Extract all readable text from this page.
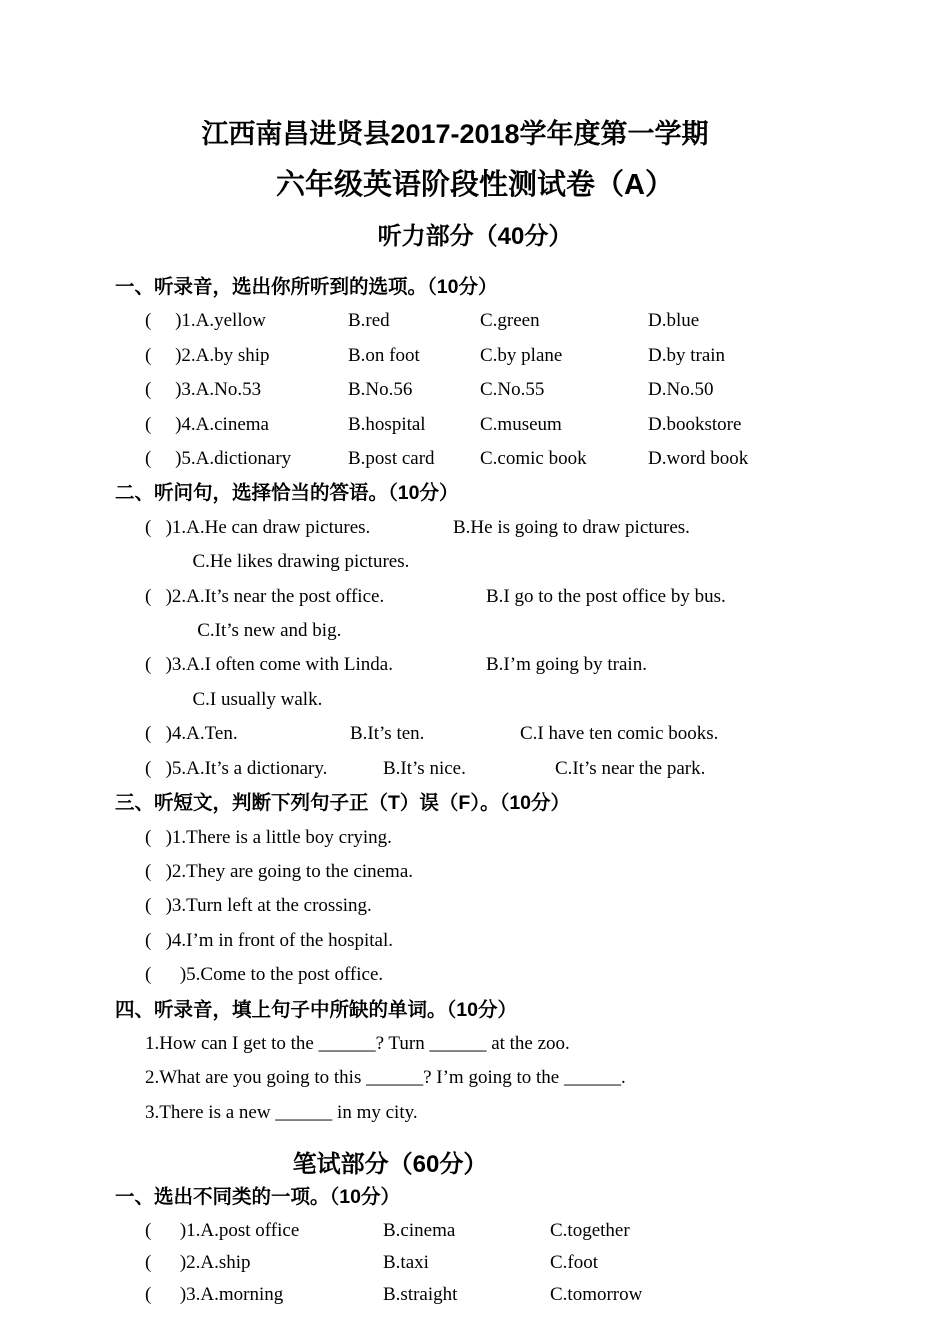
江西南昌进贤县2017-2018学年度第一学期
六年级英语阶段性测试卷（A）
听力部分（40分）
一、听录音，选出你所听到的选项。（10分）
(     )1.A.yellow	B.red	C.green	D.blue
(     )2.A.by ship	B.on foot	C.by plane	D.by train
(     )3.A.No.53	B.No.56	C.No.55	D.No.50
(     )4.A.cinema	B.hospital	C.museum	D.bookstore
(     )5.A.dictionary	B.post card C.comic book	D.word book
二、听问句，选择恰当的答语。（10分）
(   )1.A.He can draw pictures.	B.He is going to draw pictures.
C.He likes drawing pictures.
(   )2.A.It’s near the post office.	B.I go to the post office by bus.
C.It’s new and big.
(   )3.A.I often come with Linda.	B.I’m going by train.
C.I usually walk.
(   )4.A.Ten.	B.It’s ten.	C.I have ten comic books.
(   )5.A.It’s a dictionary.	B.It’s nice.	C.It’s near the park.
三、听短文，判断下列句子正（T）误（F）。（10分）
(   )1.There is a little boy crying.
(   )2.They are going to the cinema.
(   )3.Turn left at the crossing.
(   )4.I’m in front of the hospital.
(      )5.Come to the post office.
四、听录音，填上句子中所缺的单词。（10分）
1.How can I get to the ______? Turn ______ at the zoo.
2.What are you going to this ______? I’m going to the ______.
3.There is a new ______ in my city.
笔试部分（60分）
一、选出不同类的一项。（10分）
(      )1.A.post office	B.cinema	C.together
(      )2.A.ship	B.taxi	C.foot
(      )3.A.morning	B.straight	C.tomorrow
